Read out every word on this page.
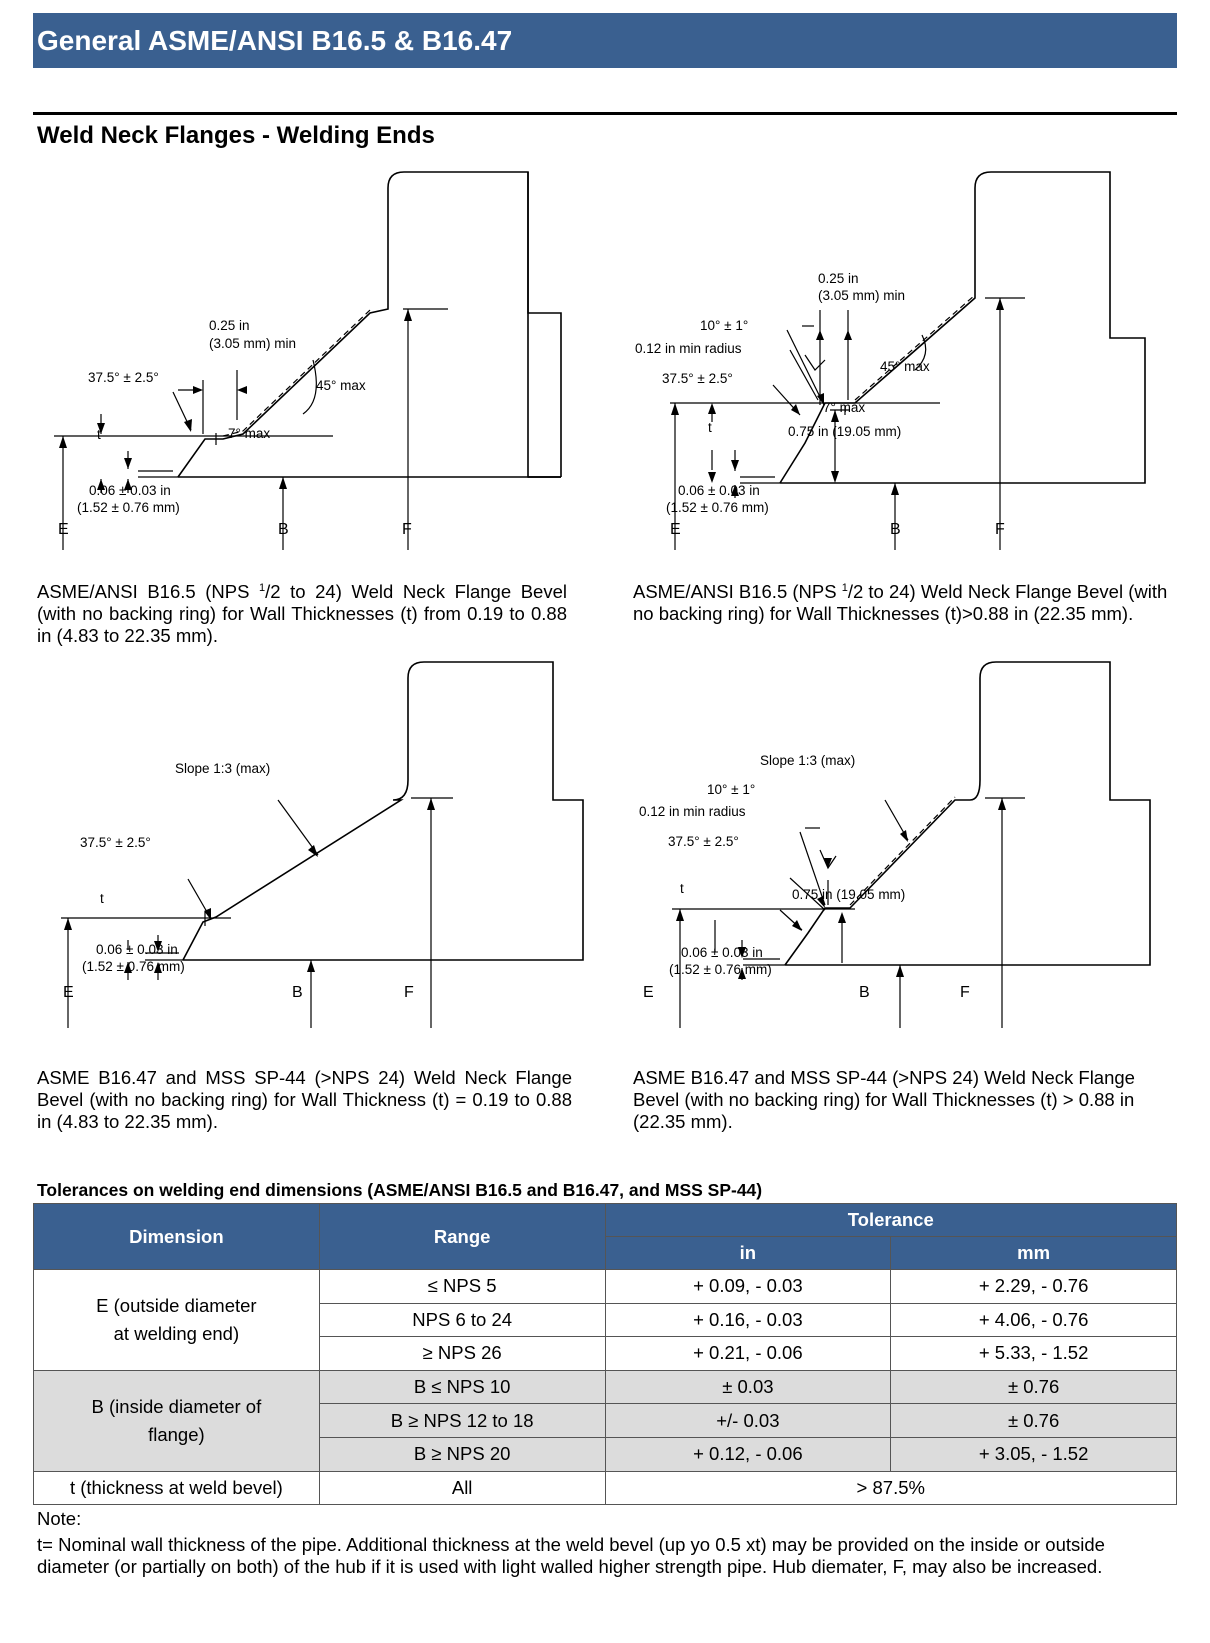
General ASME/ANSI B16.5 & B16.47
Weld Neck Flanges - Welding Ends
37.5° ± 2.5°
0.25 in
(3.05 mm) min
45° max
7° max
t
0.06 ± 0.03 in
(1.52 ± 0.76 mm)
E	B	F
ASME/ANSI B16.5 (NPS $^1$/2 to 24) Weld Neck Flange Bevel (with no backing ring) for Wall Thicknesses (t) from 0.19 to 0.88 in (4.83 to 22.35 mm).
0.25 in
(3.05 mm) min
10° ± 1°
0.12 in min radius
37.5° ± 2.5°
45° max
7° max
0.75 in (19.05 mm)
t
0.06 ± 0.03 in
(1.52 ± 0.76 mm)
E	B	F
ASME/ANSI B16.5 (NPS $^1$/2 to 24) Weld Neck Flange Bevel (with no backing ring) for Wall Thicknesses (t)>0.88 in (22.35 mm).
Slope 1:3 (max)
37.5° ± 2.5°
t
0.06 ± 0.03 in
(1.52 ± 0.76 mm)
E	B	F
ASME B16.47 and MSS SP-44 (>NPS 24) Weld Neck Flange Bevel (with no backing ring) for Wall Thickness (t) = 0.19 to 0.88 in (4.83 to 22.35 mm).
Slope 1:3 (max)
10° ± 1°
0.12 in min radius
37.5° ± 2.5°
0.75 in (19.05 mm)
t
0.06 ± 0.03 in
(1.52 ± 0.76 mm)
E	B	F
ASME B16.47 and MSS SP-44 (>NPS 24) Weld Neck Flange Bevel (with no backing ring) for Wall Thicknesses (t) > 0.88 in (22.35 mm).
Tolerances on welding end dimensions (ASME/ANSI B16.5 and B16.47, and MSS SP-44)
Dimension	Range	Tolerance	
		in	mm
E (outside diameter
at welding end)	≤ NPS 5	+ 0.09, - 0.03	+ 2.29, - 0.76
	NPS 6 to 24	+ 0.16, - 0.03	+ 4.06, - 0.76
	≥ NPS 26	+ 0.21, - 0.06	+ 5.33, - 1.52
B (inside diameter of
flange)	B ≤ NPS 10	± 0.03	± 0.76
	B ≥ NPS 12 to 18	+/- 0.03	± 0.76
	B ≥ NPS 20	+ 0.12, - 0.06	+ 3.05, - 1.52
t (thickness at weld bevel)	All	> 87.5%	
Note:
t= Nominal wall thickness of the pipe. Additional thickness at the weld bevel (up yo 0.5 xt) may be provided on the inside or outside diameter (or partially on both) of the hub if it is used with light walled higher strength pipe. Hub diemater, F, may also be increased.
